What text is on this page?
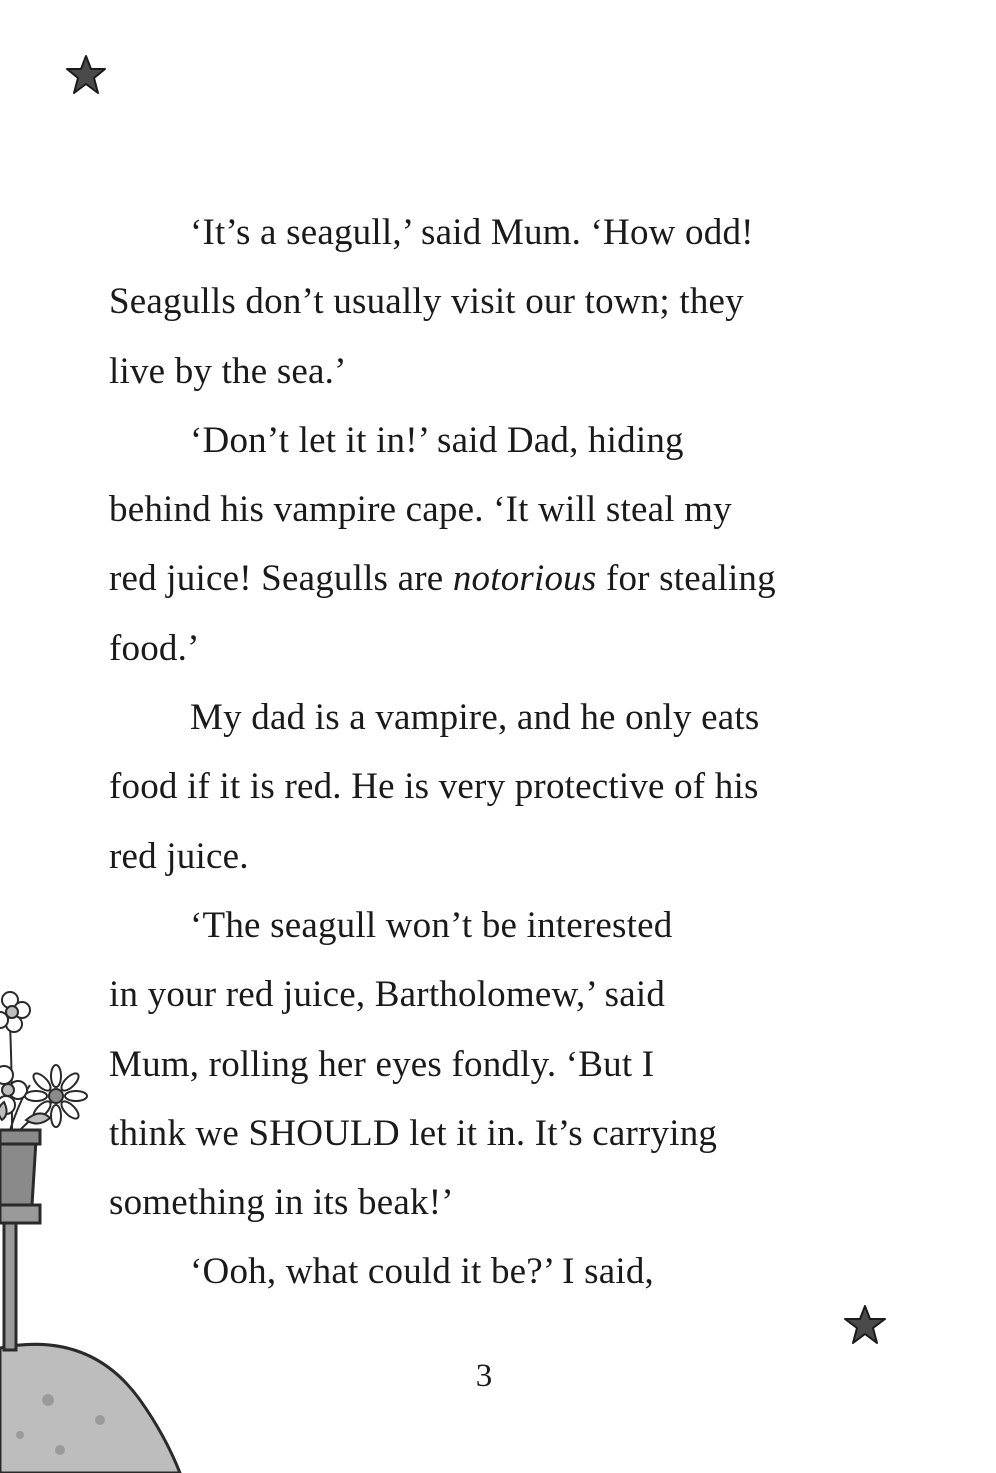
‘It’s a seagull,’ said Mum. ‘How odd!
Seagulls don’t usually visit our town; they
live by the sea.’
‘Don’t let it in!’ said Dad, hiding
behind his vampire cape. ‘It will steal my
red juice! Seagulls are notorious for stealing
food.’
My dad is a vampire, and he only eats
food if it is red. He is very protective of his
red juice.
‘The seagull won’t be interested
in your red juice, Bartholomew,’ said
Mum, rolling her eyes fondly. ‘But I
think we SHOULD let it in. It’s carrying
something in its beak!’
‘Ooh, what could it be?’ I said,
3
